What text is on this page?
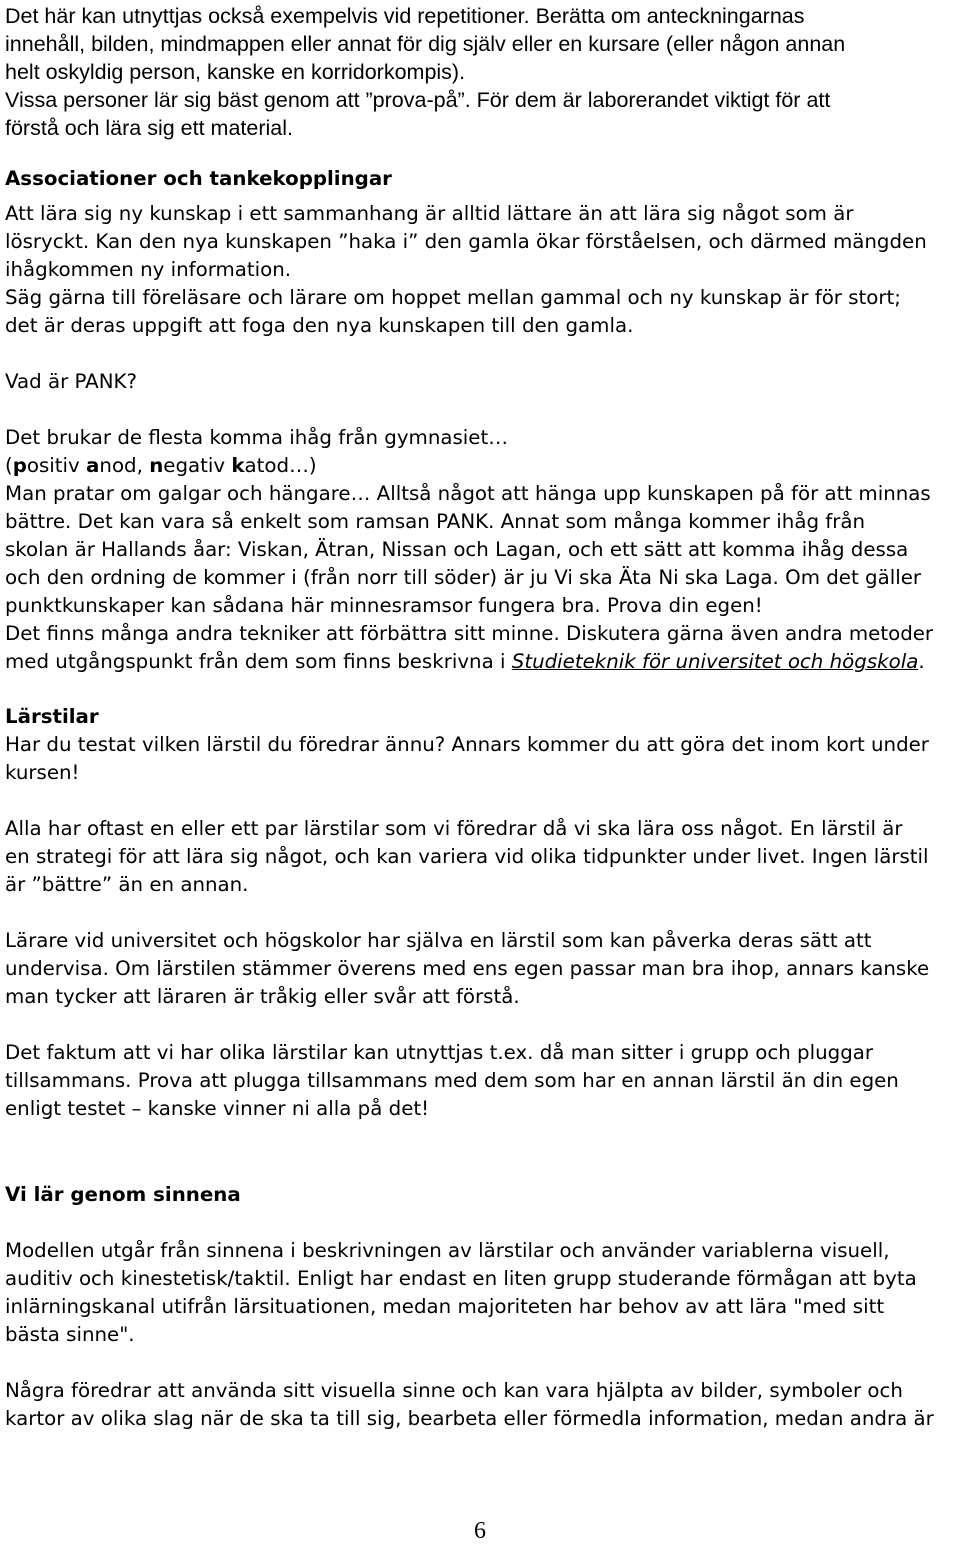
Det här kan utnyttjas också exempelvis vid repetitioner. Berätta om anteckningarnas

innehåll, bilden, mindmappen eller annat för dig själv eller en kursare (eller någon annan

helt oskyldig person, kanske en korridorkompis).

Vissa personer lär sig bäst genom att ”prova-på”. För dem är laborerandet viktigt för att

förstå och lära sig ett material.

Associationer och tankekopplingar

Att lära sig ny kunskap i ett sammanhang är alltid lättare än att lära sig något som är

lösryckt. Kan den nya kunskapen ”haka i” den gamla ökar förståelsen, och därmed mängden

ihågkommen ny information.

Säg gärna till föreläsare och lärare om hoppet mellan gammal och ny kunskap är för stort;

det är deras uppgift att foga den nya kunskapen till den gamla.

Vad är PANK?

Det brukar de flesta komma ihåg från gymnasiet…

(positiv anod, negativ katod…)

Man pratar om galgar och hängare… Alltså något att hänga upp kunskapen på för att minnas

bättre. Det kan vara så enkelt som ramsan PANK. Annat som många kommer ihåg från

skolan är Hallands åar: Viskan, Ätran, Nissan och Lagan, och ett sätt att komma ihåg dessa

och den ordning de kommer i (från norr till söder) är ju Vi ska Äta Ni ska Laga. Om det gäller

punktkunskaper kan sådana här minnesramsor fungera bra. Prova din egen!

Det finns många andra tekniker att förbättra sitt minne. Diskutera gärna även andra metoder

med utgångspunkt från dem som finns beskrivna i Studieteknik för universitet och högskola.

Lärstilar

Har du testat vilken lärstil du föredrar ännu? Annars kommer du att göra det inom kort under

kursen!

Alla har oftast en eller ett par lärstilar som vi föredrar då vi ska lära oss något. En lärstil är

en strategi för att lära sig något, och kan variera vid olika tidpunkter under livet. Ingen lärstil

är ”bättre” än en annan.

Lärare vid universitet och högskolor har själva en lärstil som kan påverka deras sätt att

undervisa. Om lärstilen stämmer överens med ens egen passar man bra ihop, annars kanske

man tycker att läraren är tråkig eller svår att förstå.

Det faktum att vi har olika lärstilar kan utnyttjas t.ex. då man sitter i grupp och pluggar

tillsammans. Prova att plugga tillsammans med dem som har en annan lärstil än din egen

enligt testet – kanske vinner ni alla på det!

Vi lär genom sinnena

Modellen utgår från sinnena i beskrivningen av lärstilar och använder variablerna visuell,

auditiv och kinestetisk/taktil. Enligt har endast en liten grupp studerande förmågan att byta

inlärningskanal utifrån lärsituationen, medan majoriteten har behov av att lära "med sitt

bästa sinne".

Några föredrar att använda sitt visuella sinne och kan vara hjälpta av bilder, symboler och

kartor av olika slag när de ska ta till sig, bearbeta eller förmedla information, medan andra är

6
